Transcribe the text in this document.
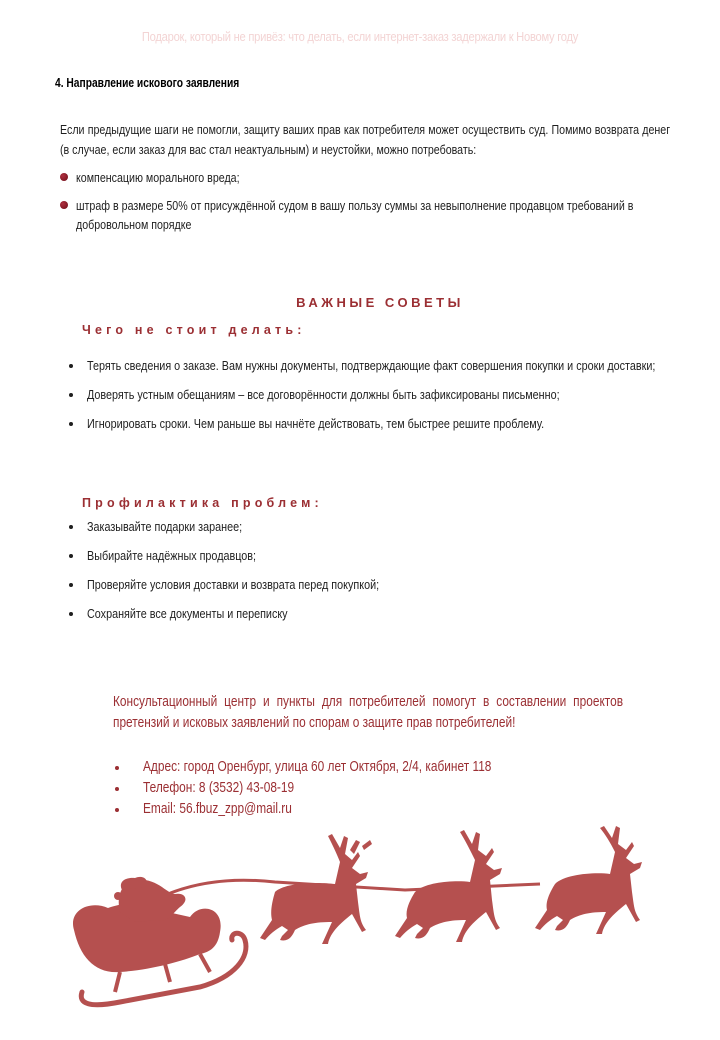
Подарок, который не привёз: что делать, если интернет-заказ задержали к Новому году
4. Направление искового заявления
Если предыдущие шаги не помогли, защиту ваших прав как потребителя может осуществить суд. Помимо возврата денег (в случае, если заказ для вас стал неактуальным) и неустойки, можно потребовать:
компенсацию морального вреда;
штраф в размере 50% от присуждённой судом в вашу пользу суммы за невыполнение продавцом требований в добровольном порядке
ВАЖНЫЕ СОВЕТЫ
Чего не стоит делать:
Терять сведения о заказе. Вам нужны документы, подтверждающие факт совершения покупки и сроки доставки;
Доверять устным обещаниям – все договорённости должны быть зафиксированы письменно;
Игнорировать сроки. Чем раньше вы начнёте действовать, тем быстрее решите проблему.
Профилактика проблем:
Заказывайте подарки заранее;
Выбирайте надёжных продавцов;
Проверяйте условия доставки и возврата перед покупкой;
Сохраняйте все документы и переписку
Консультационный центр и пункты для потребителей помогут в составлении проектов претензий и исковых заявлений по спорам о защите прав потребителей!
Адрес: город Оренбург, улица 60 лет Октября, 2/4, кабинет 118
Телефон: 8 (3532) 43-08-19
Email: 56.fbuz_zpp@mail.ru
